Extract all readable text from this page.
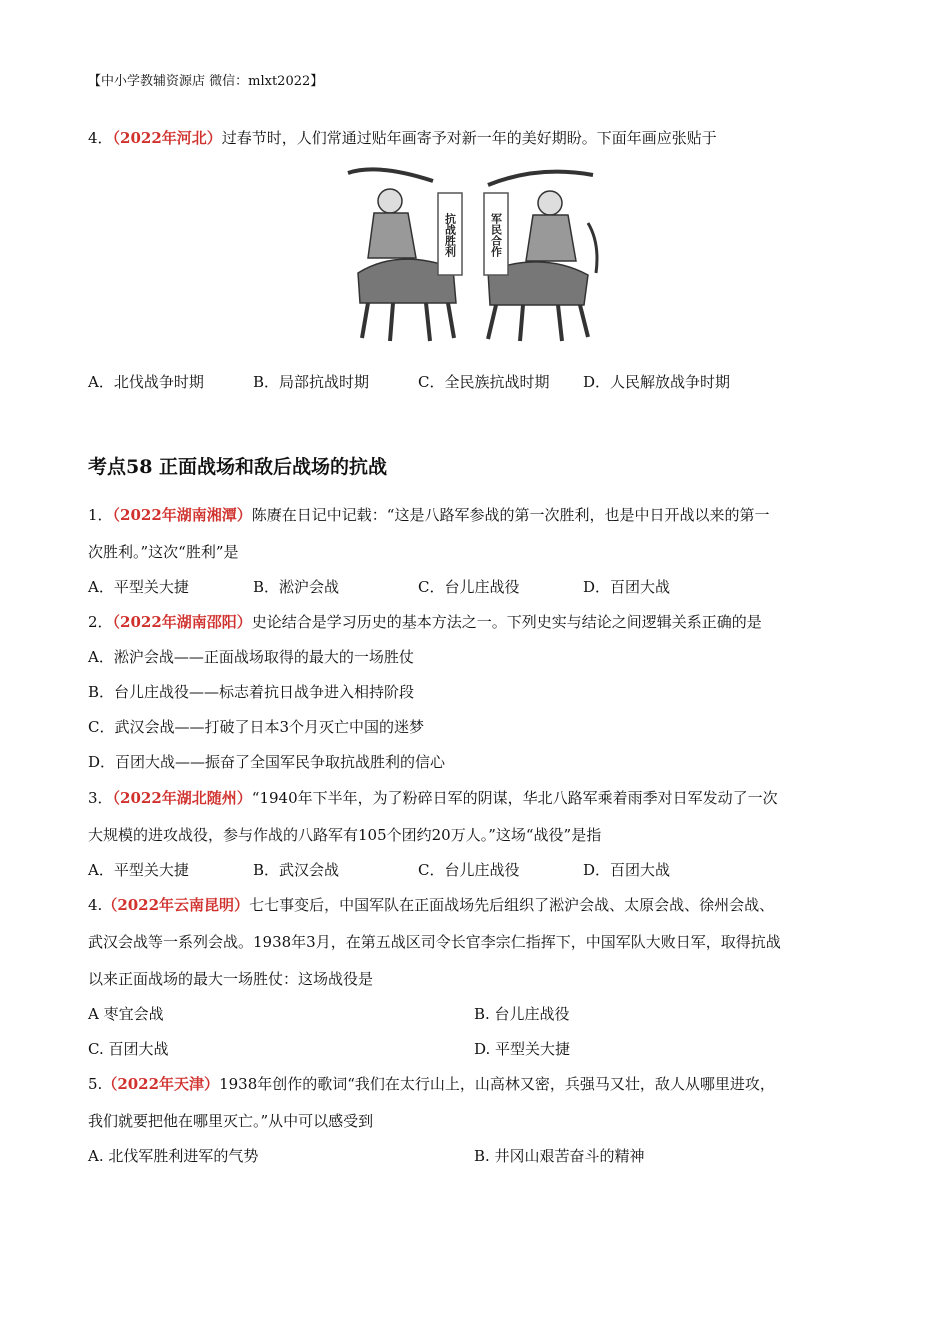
【中小学教辅资源店 微信：mlxt2022】
4．（2022年河北）过春节时，人们常通过贴年画寄予对新一年的美好期盼。下面年画应张贴于
抗战胜利	军民合作
A．北伐战争时期	B．局部抗战时期	C．全民族抗战时期 D．人民解放战争时期
考点58 正面战场和敌后战场的抗战
1．（2022年湖南湘潭）陈赓在日记中记载：“这是八路军参战的第一次胜利，也是中日开战以来的第一
次胜利。”这次“胜利”是
A．平型关大捷	B．淞沪会战	C．台儿庄战役	D．百团大战
2．（2022年湖南邵阳）史论结合是学习历史的基本方法之一。下列史实与结论之间逻辑关系正确的是
A．淞沪会战——正面战场取得的最大的一场胜仗
B．台儿庄战役——标志着抗日战争进入相持阶段
C．武汉会战——打破了日本3个月灭亡中国的迷梦
D．百团大战——振奋了全国军民争取抗战胜利的信心
3．（2022年湖北随州）“1940年下半年，为了粉碎日军的阴谋，华北八路军乘着雨季对日军发动了一次
大规模的进攻战役，参与作战的八路军有105个团约20万人。”这场“战役”是指
A．平型关大捷	B．武汉会战	C．台儿庄战役	D．百团大战
4.（2022年云南昆明）七七事变后，中国军队在正面战场先后组织了淞沪会战、太原会战、徐州会战、
武汉会战等一系列会战。1938年3月，在第五战区司令长官李宗仁指挥下，中国军队大败日军，取得抗战
以来正面战场的最大一场胜仗：这场战役是
A 枣宜会战	B. 台儿庄战役
C. 百团大战	D. 平型关大捷
5.（2022年天津）1938年创作的歌词“我们在太行山上，山高林又密，兵强马又壮，敌人从哪里进攻，
我们就要把他在哪里灭亡。”从中可以感受到
A. 北伐军胜利进军的气势	B. 井冈山艰苦奋斗的精神
